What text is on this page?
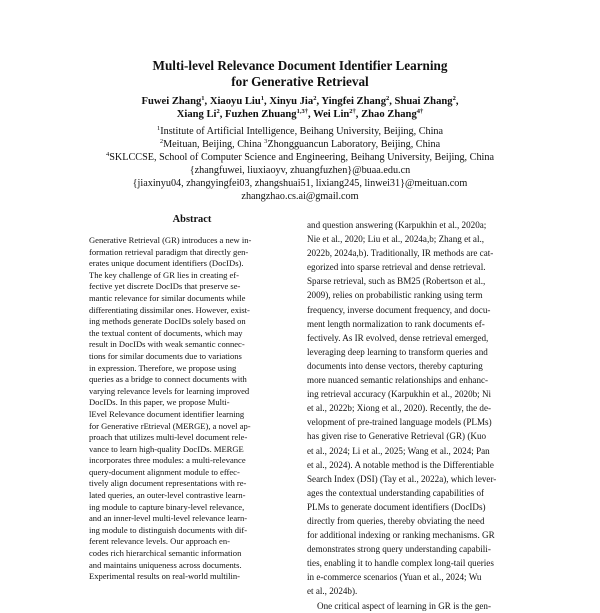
Multi-level Relevance Document Identifier Learning
for Generative Retrieval
Fuwei Zhang$^1$, Xiaoyu Liu$^1$, Xinyu Jia$^2$, Yingfei Zhang$^2$, Shuai Zhang$^2$,
Xiang Li$^2$, Fuzhen Zhuang$^{1,3\dagger}$, Wei Lin$^{2\dagger}$, Zhao Zhang$^{4\dagger}$
$^1$Institute of Artificial Intelligence, Beihang University, Beijing, China
$^2$Meituan, Beijing, China $^3$Zhongguancun Laboratory, Beijing, China
$^4$SKLCCSE, School of Computer Science and Engineering, Beihang University, Beijing, China
{zhangfuwei, liuxiaoyv, zhuangfuzhen}@buaa.edu.cn
{jiaxinyu04, zhangyingfei03, zhangshuai51, lixiang245, linwei31}@meituan.com
zhangzhao.cs.ai@gmail.com
Abstract
Generative Retrieval (GR) introduces a new in-
formation retrieval paradigm that directly gen-
erates unique document identifiers (DocIDs).
The key challenge of GR lies in creating ef-
fective yet discrete DocIDs that preserve se-
mantic relevance for similar documents while
differentiating dissimilar ones. However, exist-
ing methods generate DocIDs solely based on
the textual content of documents, which may
result in DocIDs with weak semantic connec-
tions for similar documents due to variations
in expression. Therefore, we propose using
queries as a bridge to connect documents with
varying relevance levels for learning improved
DocIDs. In this paper, we propose Multi-
lEvel Relevance document identifier learning
for Generative rEtrieval (MERGE), a novel ap-
proach that utilizes multi-level document rele-
vance to learn high-quality DocIDs. MERGE
incorporates three modules: a multi-relevance
query-document alignment module to effec-
tively align document representations with re-
lated queries, an outer-level contrastive learn-
ing module to capture binary-level relevance,
and an inner-level multi-level relevance learn-
ing module to distinguish documents with dif-
ferent relevance levels. Our approach en-
codes rich hierarchical semantic information
and maintains uniqueness across documents.
Experimental results on real-world multilin-
and question answering (Karpukhin et al., 2020a;
Nie et al., 2020; Liu et al., 2024a,b; Zhang et al.,
2022b, 2024a,b). Traditionally, IR methods are cat-
egorized into sparse retrieval and dense retrieval.
Sparse retrieval, such as BM25 (Robertson et al.,
2009), relies on probabilistic ranking using term
frequency, inverse document frequency, and docu-
ment length normalization to rank documents ef-
fectively. As IR evolved, dense retrieval emerged,
leveraging deep learning to transform queries and
documents into dense vectors, thereby capturing
more nuanced semantic relationships and enhanc-
ing retrieval accuracy (Karpukhin et al., 2020b; Ni
et al., 2022b; Xiong et al., 2020). Recently, the de-
velopment of pre-trained language models (PLMs)
has given rise to Generative Retrieval (GR) (Kuo
et al., 2024; Li et al., 2025; Wang et al., 2024; Pan
et al., 2024). A notable method is the Differentiable
Search Index (DSI) (Tay et al., 2022a), which lever-
ages the contextual understanding capabilities of
PLMs to generate document identifiers (DocIDs)
directly from queries, thereby obviating the need
for additional indexing or ranking mechanisms. GR
demonstrates strong query understanding capabili-
ties, enabling it to handle complex long-tail queries
in e-commerce scenarios (Yuan et al., 2024; Wu
et al., 2024b).
One critical aspect of learning in GR is the gen-
